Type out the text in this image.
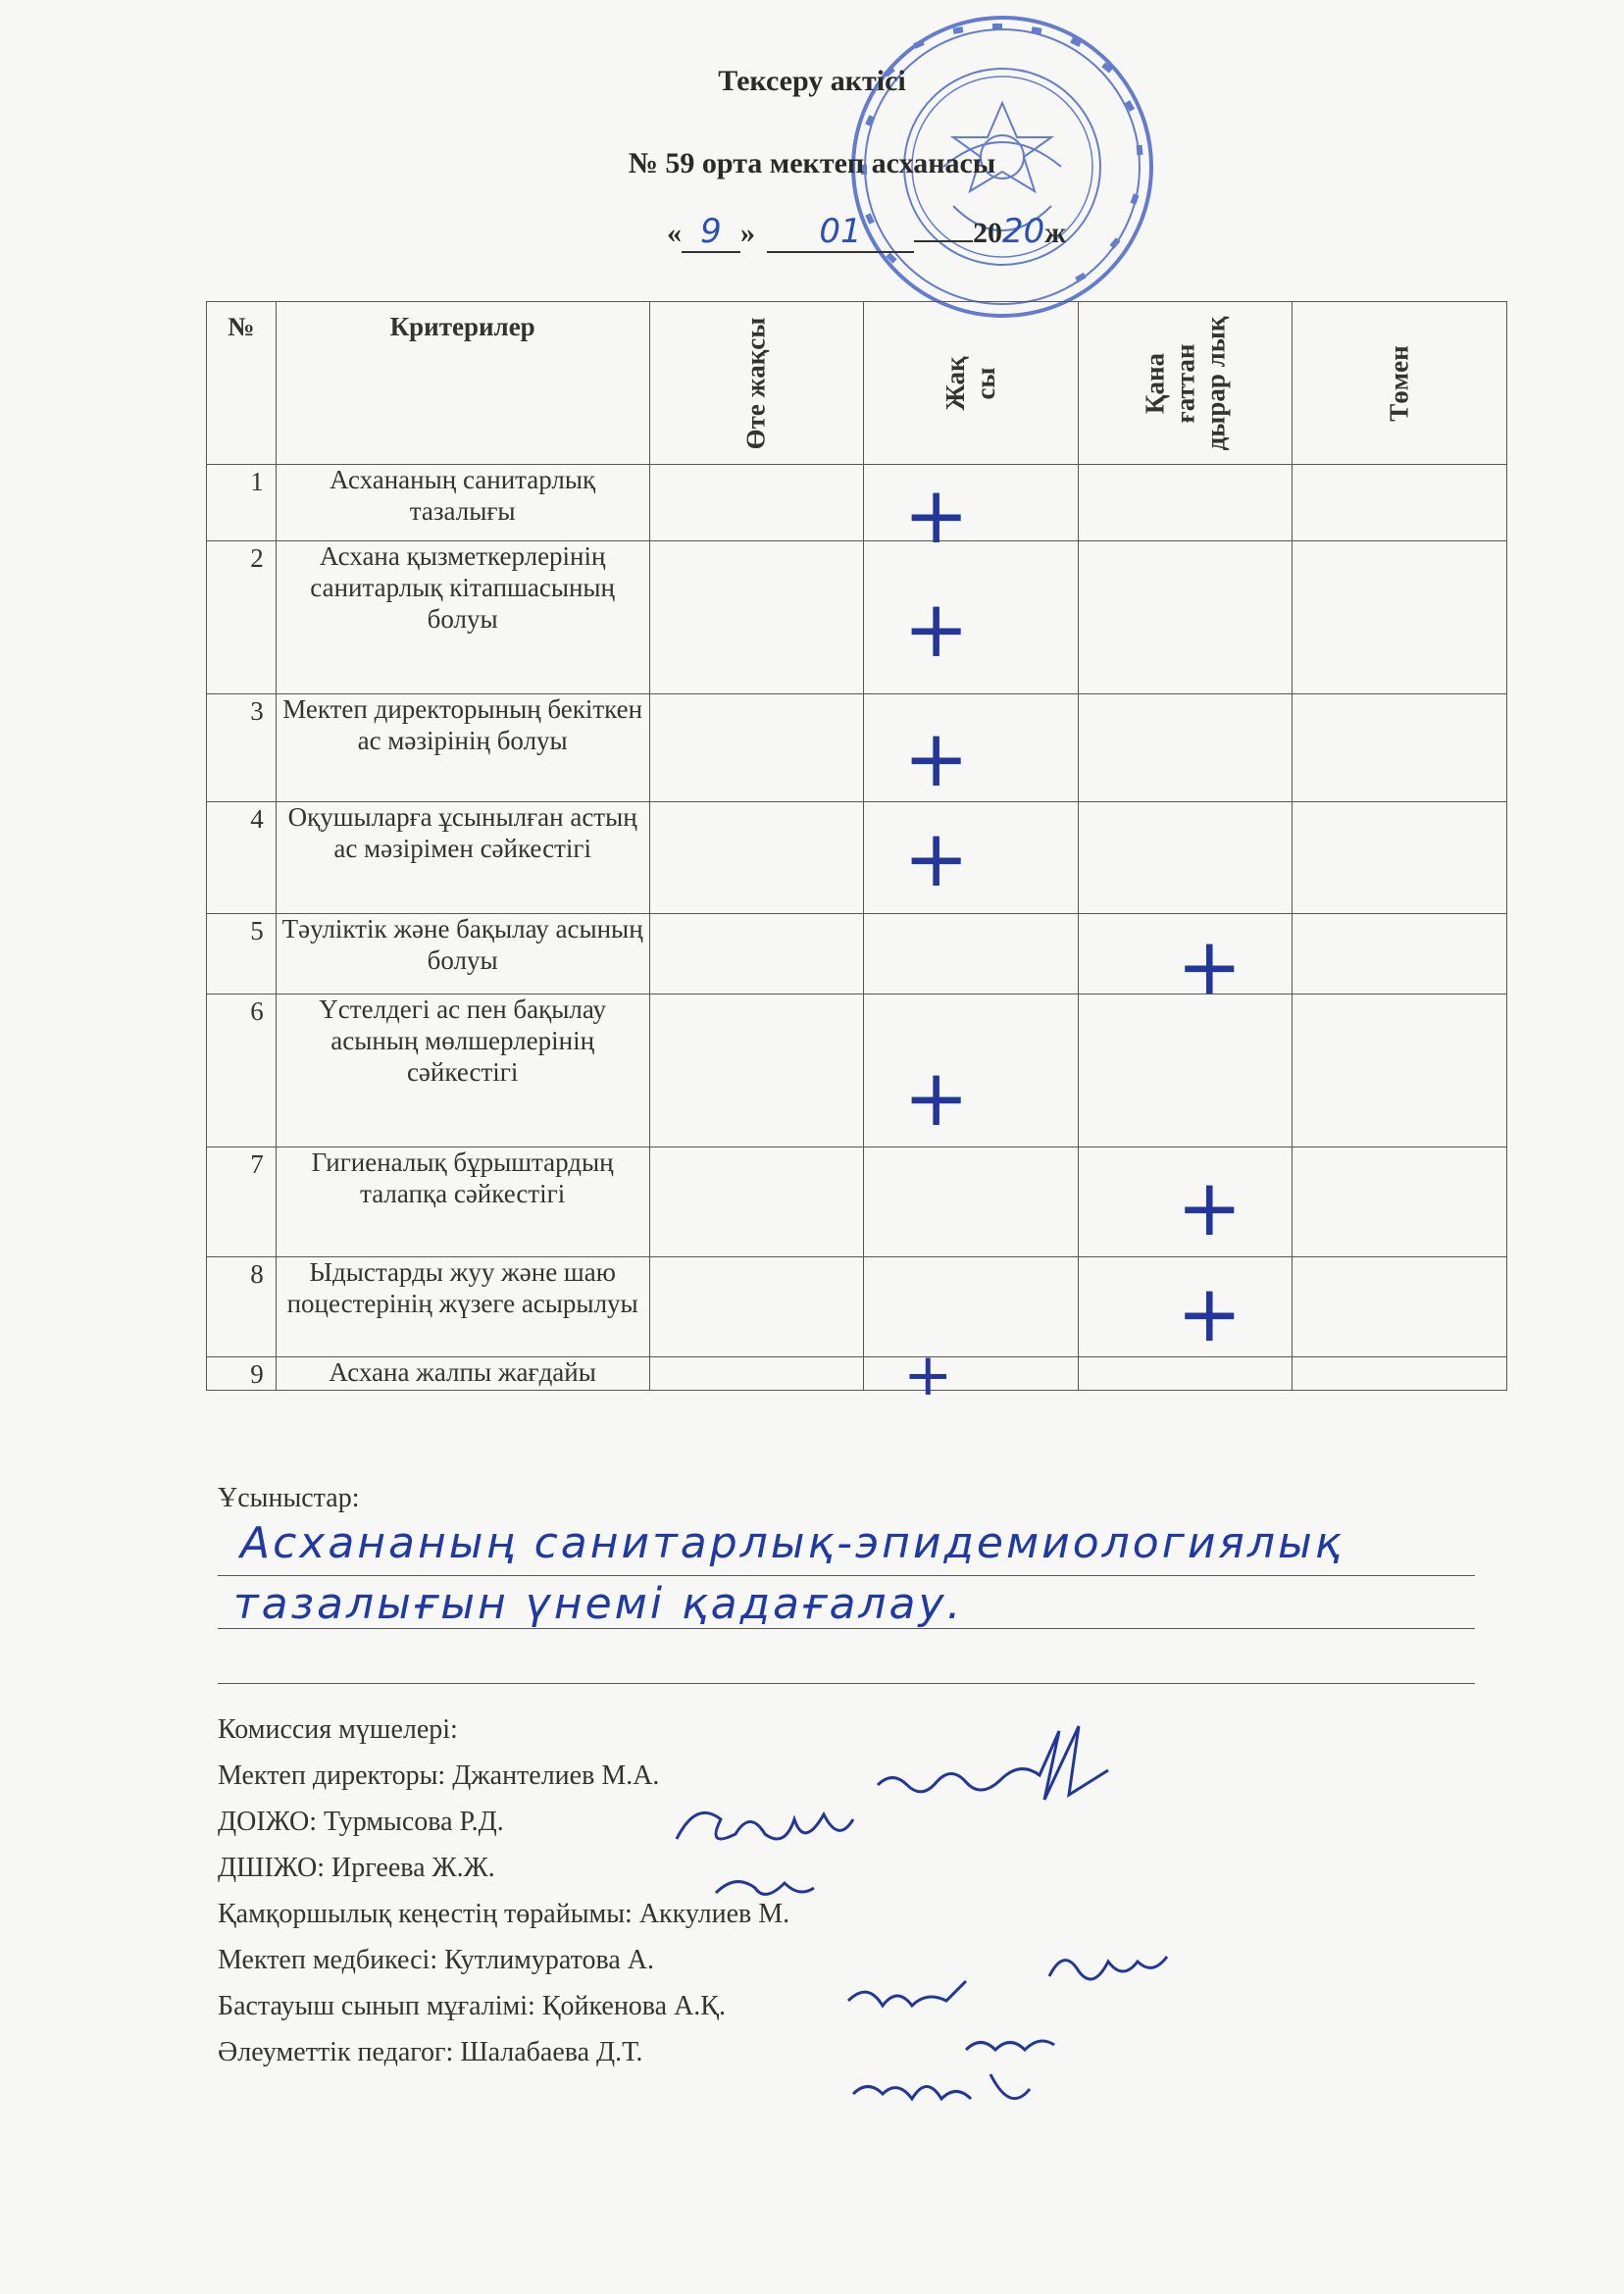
Тексеру актісі
№ 59 орта мектеп асханасы
« 9 » 01	2020ж
№	Критерилер	Өте жақсы	Жақ сы	Қана ғаттан дырар лық	Төмен

1	Асхананың санитарлық тазалығы		+		

2	Асхана қызметкерлерінің санитарлық кітапшасының болуы		+		

3	Мектеп директорының бекіткен ас мәзірінің болуы		+		

4	Оқушыларға ұсынылған астың ас мәзірімен сәйкестігі		+		

5	Тәуліктік және бақылау асының болуы			+	

6	Үстелдегі ас пен бақылау асының мөлшерлерінің сәйкестігі		+		

7	Гигиеналық бұрыштардың талапқа сәйкестігі			+	

8	Ыдыстарды жуу және шаю поцестерінің жүзеге асырылуы			+	

9	Асхана жалпы жағдайы		+		

Ұсыныстар:
Асхананың санитарлық-эпидемиологиялық
тазалығын үнемі қадағалау.
Комиссия мүшелері:
Мектеп директоры: Джантелиев М.А.
ДОІЖО: Турмысова Р.Д.
ДШІЖО: Иргеева Ж.Ж.
Қамқоршылық кеңестің төрайымы: Аккулиев М.
Мектеп медбикесі: Кутлимуратова А.
Бастауыш сынып мұғалімі: Қойкенова А.Қ.
Әлеуметтік педагог: Шалабаева Д.Т.
